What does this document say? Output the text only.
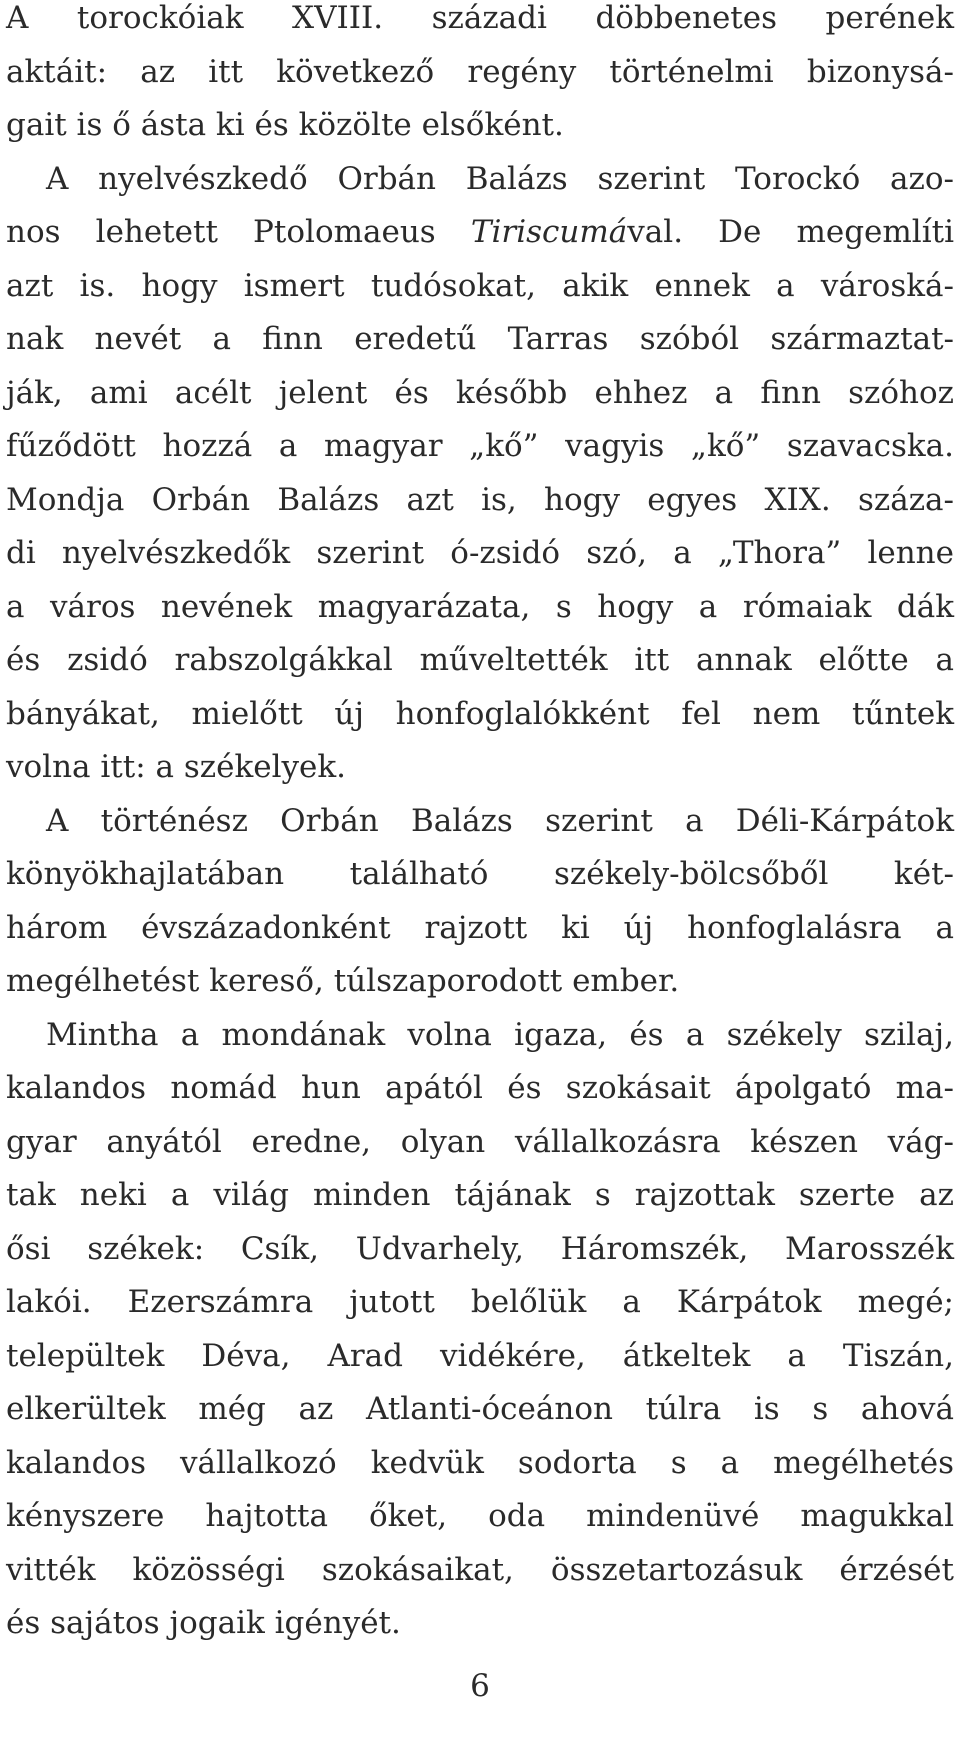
A torockóiak XVIII. századi döbbenetes perének
aktáit: az itt következő regény történelmi bizonysá-
gait is ő ásta ki és közölte elsőként.
A nyelvészkedő Orbán Balázs szerint Torockó azo-
nos lehetett Ptolomaeus Tiriscumával. De megemlíti
azt is. hogy ismert tudósokat, akik ennek a városká-
nak nevét a finn eredetű Tarras szóból származtat-
ják, ami acélt jelent és később ehhez a finn szóhoz
fűződött hozzá a magyar „kő” vagyis „kő” szavacska.
Mondja Orbán Balázs azt is, hogy egyes XIX. száza-
di nyelvészkedők szerint ó-zsidó szó, a „Thora” lenne
a város nevének magyarázata, s hogy a rómaiak dák
és zsidó rabszolgákkal műveltették itt annak előtte a
bányákat, mielőtt új honfoglalókként fel nem tűntek
volna itt: a székelyek.
A történész Orbán Balázs szerint a Déli-Kárpátok
könyökhajlatában található székely-bölcsőből két-
három évszázadonként rajzott ki új honfoglalásra a
megélhetést kereső, túlszaporodott ember.
Mintha a mondának volna igaza, és a székely szilaj,
kalandos nomád hun apától és szokásait ápolgató ma-
gyar anyától eredne, olyan vállalkozásra készen vág-
tak neki a világ minden tájának s rajzottak szerte az
ősi székek: Csík, Udvarhely, Háromszék, Marosszék
lakói. Ezerszámra jutott belőlük a Kárpátok megé;
települtek Déva, Arad vidékére, átkeltek a Tiszán,
elkerültek még az Atlanti-óceánon túlra is s ahová
kalandos vállalkozó kedvük sodorta s a megélhetés
kényszere hajtotta őket, oda mindenüvé magukkal
vitték közösségi szokásaikat, összetartozásuk érzését
és sajátos jogaik igényét.
6
